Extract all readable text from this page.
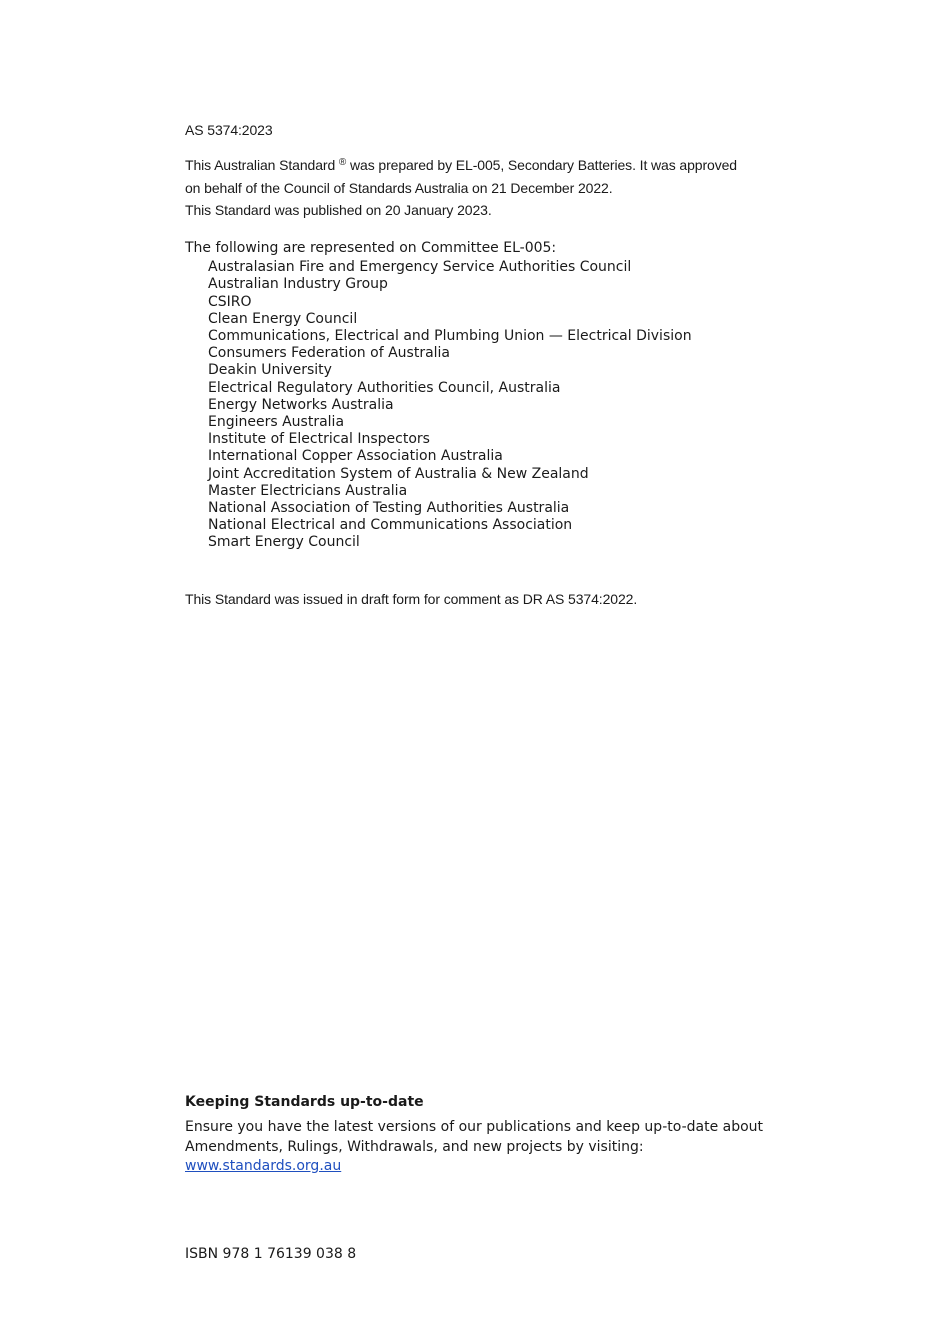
AS 5374:2023
This Australian Standard ® was prepared by EL-005, Secondary Batteries. It was approved
on behalf of the Council of Standards Australia on 21 December 2022.
This Standard was published on 20 January 2023.
The following are represented on Committee EL-005:
Australasian Fire and Emergency Service Authorities Council
Australian Industry Group
CSIRO
Clean Energy Council
Communications, Electrical and Plumbing Union — Electrical Division
Consumers Federation of Australia
Deakin University
Electrical Regulatory Authorities Council, Australia
Energy Networks Australia
Engineers Australia
Institute of Electrical Inspectors
International Copper Association Australia
Joint Accreditation System of Australia & New Zealand
Master Electricians Australia
National Association of Testing Authorities Australia
National Electrical and Communications Association
Smart Energy Council
This Standard was issued in draft form for comment as DR AS 5374:2022.
Keeping Standards up-to-date

Ensure you have the latest versions of our publications and keep up-to-date about
Amendments, Rulings, Withdrawals, and new projects by visiting:
www.standards.org.au

ISBN 978 1 76139 038 8
